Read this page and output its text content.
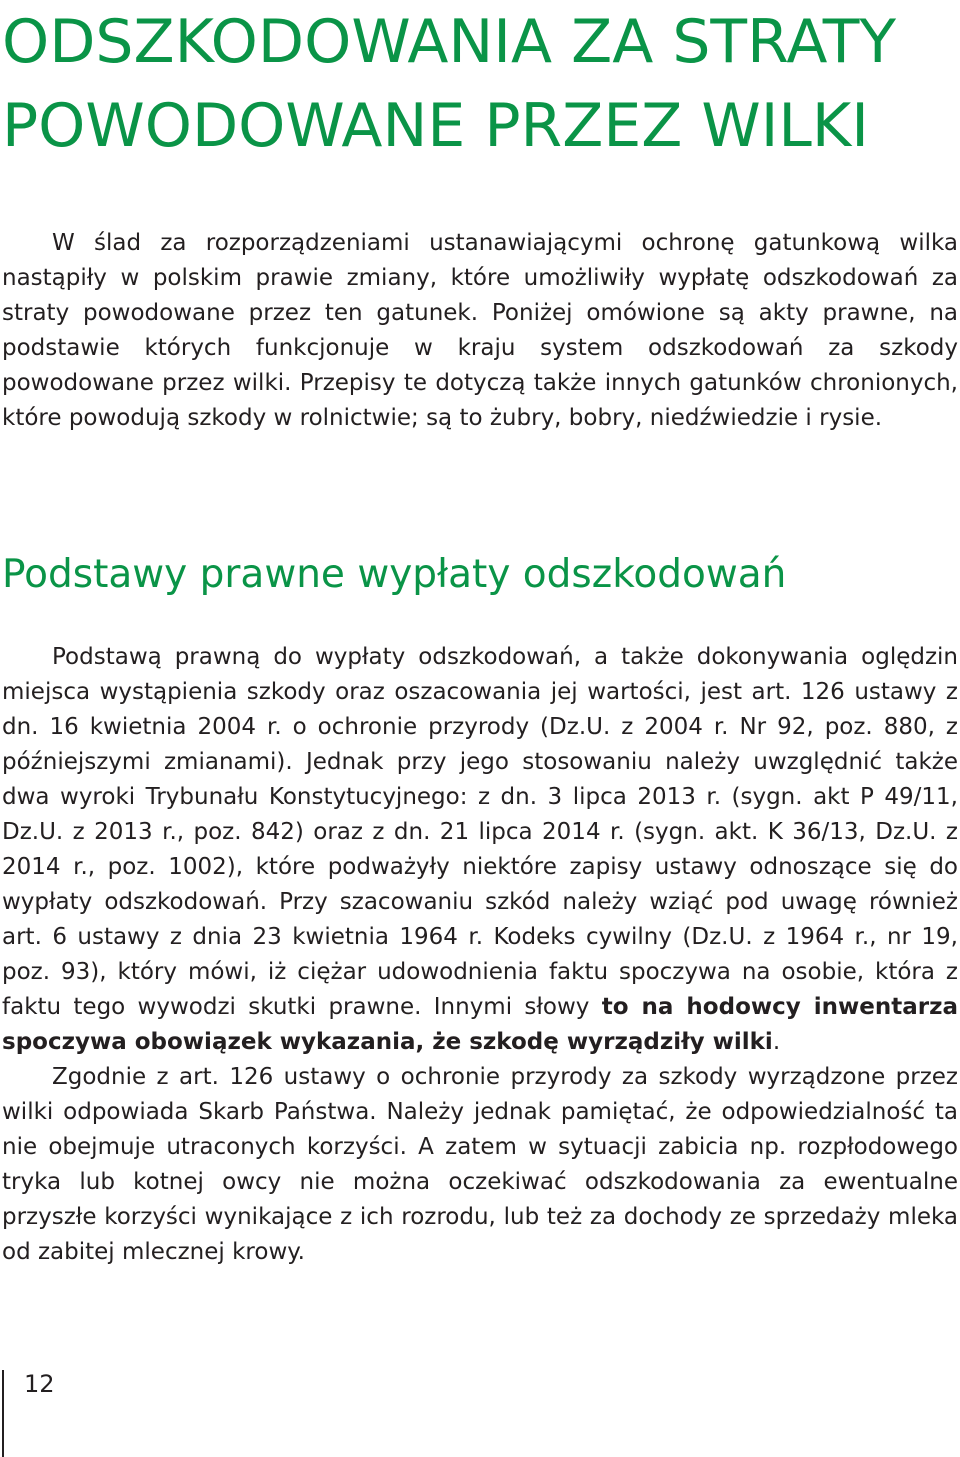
ODSZKODOWANIA ZA STRATY
POWODOWANE PRZEZ WILKI

W ślad za rozporządzeniami ustanawiającymi ochronę gatunkową wilka nastąpiły w polskim prawie zmiany, które umożliwiły wypłatę odszkodowań za straty powodowane przez ten gatunek. Poniżej omówione są akty prawne, na podstawie których funkcjonuje w kraju system odszkodowań za szkody powodowane przez wilki. Przepisy te dotyczą także innych gatunków chronionych, które powodują szkody w rolnictwie; są to żubry, bobry, niedźwiedzie i rysie.

Podstawy prawne wypłaty odszkodowań

Podstawą prawną do wypłaty odszkodowań, a także dokonywania oględzin miejsca wystąpienia szkody oraz oszacowania jej wartości, jest art. 126 ustawy z dn. 16 kwietnia 2004 r. o ochronie przyrody (Dz.U. z 2004 r. Nr 92, poz. 880, z późniejszymi zmianami). Jednak przy jego stosowaniu należy uwzględnić także dwa wyroki Trybunału Konstytucyjnego: z dn. 3 lipca 2013 r. (sygn. akt P 49/11, Dz.U. z 2013 r., poz. 842) oraz z dn. 21 lipca 2014 r. (sygn. akt. K 36/13, Dz.U. z 2014 r., poz. 1002), które podważyły niektóre zapisy ustawy odnoszące się do wypłaty odszkodowań. Przy szacowaniu szkód należy wziąć pod uwagę również art. 6 ustawy z dnia 23 kwietnia 1964 r. Kodeks cywilny (Dz.U. z 1964 r., nr 19, poz. 93), który mówi, iż ciężar udowodnienia faktu spoczywa na osobie, która z faktu tego wywodzi skutki prawne. Innymi słowy to na hodowcy inwentarza spoczywa obowiązek wykazania, że szkodę wyrządziły wilki.

Zgodnie z art. 126 ustawy o ochronie przyrody za szkody wyrządzone przez wilki odpowiada Skarb Państwa. Należy jednak pamiętać, że odpowiedzialność ta nie obejmuje utraconych korzyści. A zatem w sytuacji zabicia np. rozpłodowego tryka lub kotnej owcy nie można oczekiwać odszkodowania za ewentualne przyszłe korzyści wynikające z ich rozrodu, lub też za dochody ze sprzedaży mleka od zabitej mlecznej krowy.

12
